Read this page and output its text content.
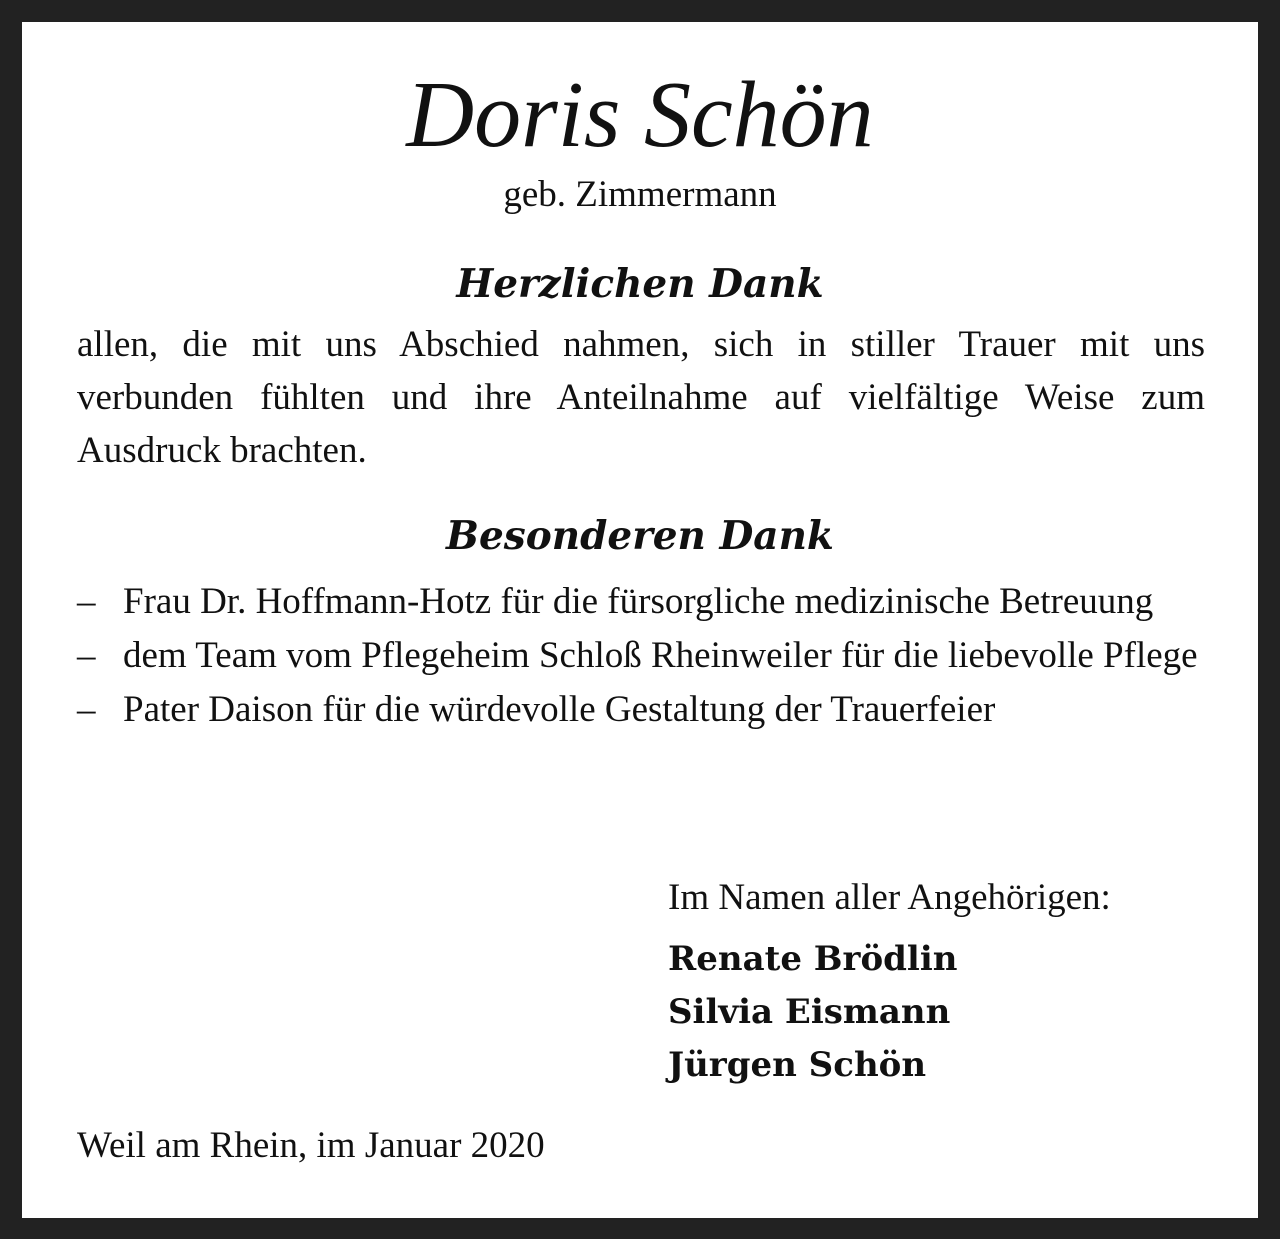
Doris Schön
geb. Zimmermann
Herzlichen Dank
allen, die mit uns Abschied nahmen, sich in stiller Trauer mit uns verbunden fühlten und ihre Anteilnahme auf vielfältige Weise zum Ausdruck brachten.
Besonderen Dank
– Frau Dr. Hoffmann-Hotz für die fürsorgliche medizinische Betreuung
– dem Team vom Pflegeheim Schloß Rheinweiler für die liebevolle Pflege
– Pater Daison für die würdevolle Gestaltung der Trauerfeier
Im Namen aller Angehörigen:
Renate Brödlin
Silvia Eismann
Jürgen Schön
Weil am Rhein, im Januar 2020
